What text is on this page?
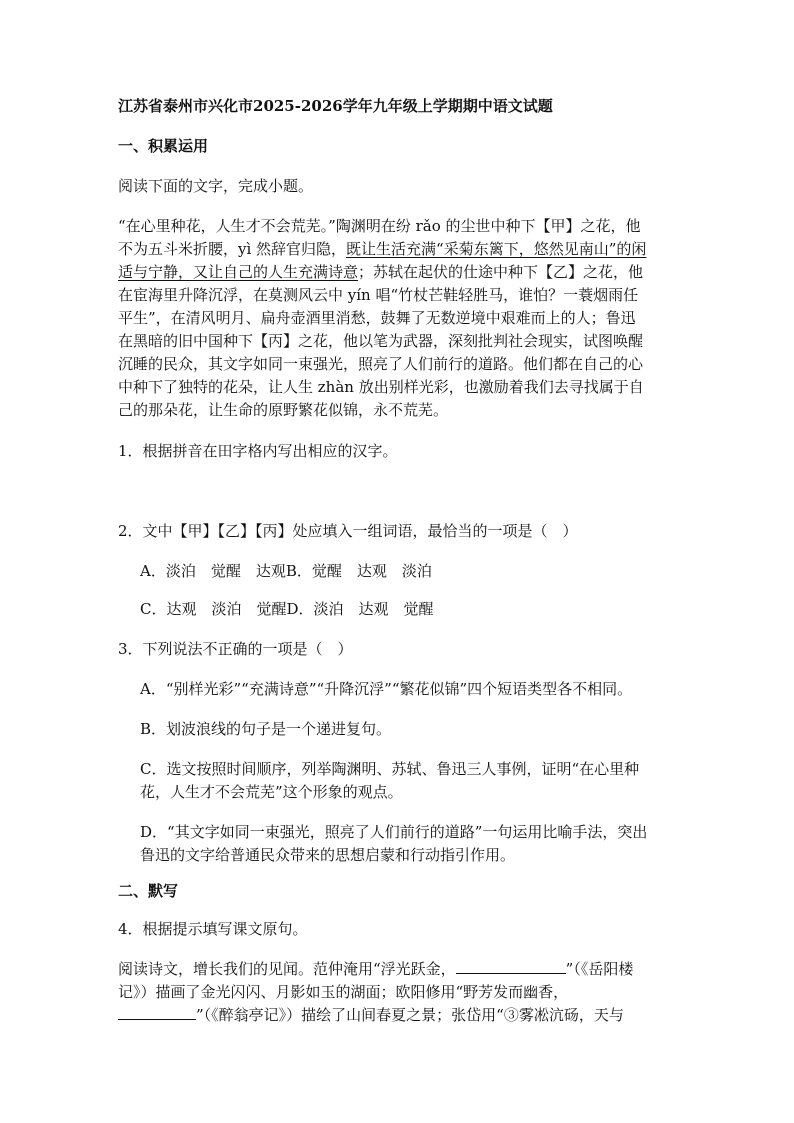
江苏省泰州市兴化市2025-2026学年九年级上学期期中语文试题
一、积累运用
阅读下面的文字，完成小题。
“在心里种花，人生才不会荒芜。”陶渊明在纷 rǎo 的尘世中种下【甲】之花，他
不为五斗米折腰，yì 然辞官归隐，既让生活充满“采菊东篱下，悠然见南山”的闲
适与宁静，又让自己的人生充满诗意；苏轼在起伏的仕途中种下【乙】之花，他
在宦海里升降沉浮，在莫测风云中 yín 唱“竹杖芒鞋轻胜马，谁怕？一蓑烟雨任
平生”，在清风明月、扁舟壶酒里消愁，鼓舞了无数逆境中艰难而上的人；鲁迅
在黑暗的旧中国种下【丙】之花，他以笔为武器，深刻批判社会现实，试图唤醒
沉睡的民众，其文字如同一束强光，照亮了人们前行的道路。他们都在自己的心
中种下了独特的花朵，让人生 zhàn 放出别样光彩，也激励着我们去寻找属于自
己的那朵花，让生命的原野繁花似锦，永不荒芜。
1．根据拼音在田字格内写出相应的汉字。
2．文中【甲】【乙】【丙】处应填入一组词语，最恰当的一项是（　）
A．淡泊　觉醒　达观B．觉醒　达观　淡泊
C．达观　淡泊　觉醒D．淡泊　达观　觉醒
3．下列说法不正确的一项是（　）
A．“别样光彩”“充满诗意”“升降沉浮”“繁花似锦”四个短语类型各不相同。
B．划波浪线的句子是一个递进复句。
C．选文按照时间顺序，列举陶渊明、苏轼、鲁迅三人事例，证明“在心里种
花，人生才不会荒芜”这个形象的观点。
D．“其文字如同一束强光，照亮了人们前行的道路”一句运用比喻手法，突出
鲁迅的文字给普通民众带来的思想启蒙和行动指引作用。
二、默写
4．根据提示填写课文原句。
阅读诗文，增长我们的见闻。范仲淹用“浮光跃金，	”（《岳阳楼
记》）描画了金光闪闪、月影如玉的湖面；欧阳修用“野芳发而幽香，
”（《醉翁亭记》）描绘了山间春夏之景；张岱用“③雾凇沆砀，天与
